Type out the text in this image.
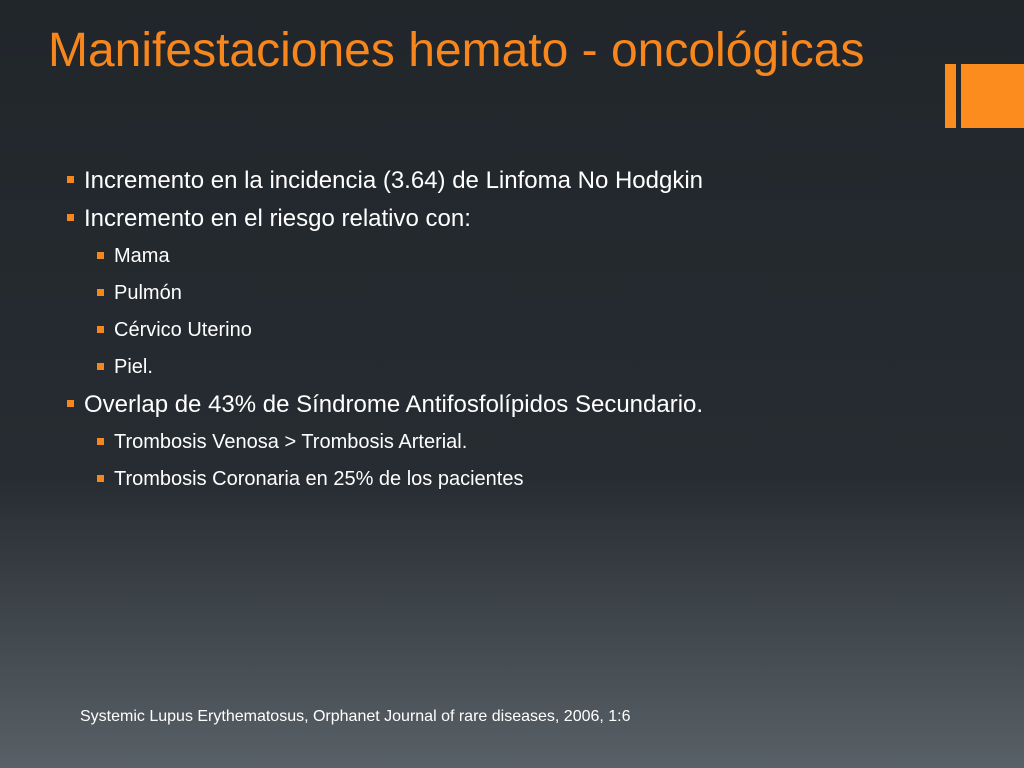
Manifestaciones hemato - oncológicas
Incremento en la incidencia (3.64) de Linfoma No Hodgkin
Incremento en el riesgo relativo con:
Mama
Pulmón
Cérvico Uterino
Piel.
Overlap de 43% de Síndrome Antifosfolípidos Secundario.
Trombosis Venosa > Trombosis Arterial.
Trombosis Coronaria en 25% de los pacientes
Systemic Lupus Erythematosus, Orphanet Journal of rare diseases, 2006, 1:6
